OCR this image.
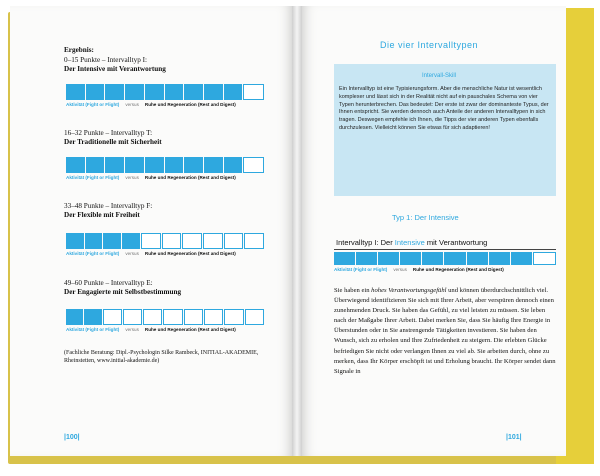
Ergebnis:
0–15 Punkte – Intervalltyp I:
Der Intensive mit Verantwortung
Aktivität (Fight or Flight) versus Ruhe und Regeneration (Rest and Digest)
16–32 Punkte – Intervalltyp T:
Der Traditionelle mit Sicherheit
Aktivität (Fight or Flight) versus Ruhe und Regeneration (Rest and Digest)
33–48 Punkte – Intervalltyp F:
Der Flexible mit Freiheit
Aktivität (Fight or Flight) versus Ruhe und Regeneration (Rest and Digest)
49–60 Punkte – Intervalltyp E:
Der Engagierte mit Selbstbestimmung
Aktivität (Fight or Flight) versus Ruhe und Regeneration (Rest and Digest)
(Fachliche Beratung: Dipl.-Psychologin Silke Rambeck, INITIAL-AKADEMIE, Rheinstetten, www.initial-akademie.de)
|100|
Die vier Intervalltypen
Intervall-Skill
Ein Intervalltyp ist eine Typisierungsform. Aber die menschliche Natur ist wesentlich komplexer und lässt sich in der Realität nicht auf ein pauschales Schema von vier Typen herunterbrechen. Das bedeutet: Der erste ist zwar der dominanteste Typus, der Ihnen entspricht. Sie werden dennoch auch Anteile der anderen Intervalltypen in sich tragen. Deswegen empfehle ich Ihnen, die Tipps der vier anderen Typen ebenfalls durchzulesen. Vielleicht können Sie etwas für sich adaptieren!
Typ 1: Der Intensive
Intervalltyp I: Der Intensive mit Verantwortung
Aktivität (Fight or Flight) versus Ruhe und Regeneration (Rest and Digest)
Sie haben ein hohes Verantwortungsgefühl und können überdurchschnittlich viel. Überwiegend identifizieren Sie sich mit Ihrer Arbeit, aber verspüren dennoch einen zunehmenden Druck. Sie haben das Gefühl, zu viel leisten zu müssen. Sie leben nach der Maßgabe Ihrer Arbeit. Dabei merken Sie, dass Sie häufig Ihre Energie in Überstunden oder in Sie anstrengende Tätigkeiten investieren. Sie haben den Wunsch, sich zu erholen und Ihre Zufriedenheit zu steigern. Die erlebten Glücke befriedigen Sie nicht oder verlangen Ihnen zu viel ab. Sie arbeiten durch, ohne zu merken, dass Ihr Körper erschöpft ist und Erholung braucht. Ihr Körper sendet dann Signale in
|101|
